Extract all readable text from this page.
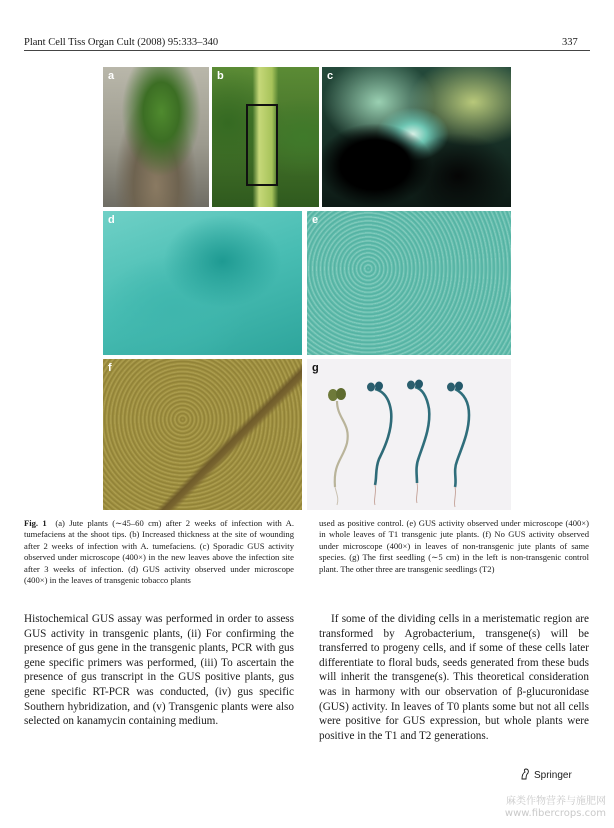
Plant Cell Tiss Organ Cult (2008) 95:333–340	337
a	b	c
d	e
f	g
Fig. 1 (a) Jute plants (∼45–60 cm) after 2 weeks of infection with A. tumefaciens at the shoot tips. (b) Increased thickness at the site of wounding after 2 weeks of infection with A. tumefaciens. (c) Sporadic GUS activity observed under microscope (400×) in the new leaves above the infection site after 3 weeks of infection. (d) GUS activity observed under microscope (400×) in the leaves of transgenic tobacco plants
used as positive control. (e) GUS activity observed under microscope (400×) in whole leaves of T1 transgenic jute plants. (f) No GUS activity observed under microscope (400×) in leaves of non-transgenic jute plants of same species. (g) The first seedling (∼5 cm) in the left is non-transgenic control plant. The other three are transgenic seedlings (T2)
Histochemical GUS assay was performed in order to assess GUS activity in transgenic plants, (ii) For confirming the presence of gus gene in the transgenic plants, PCR with gus gene specific primers was performed, (iii) To ascertain the presence of gus transcript in the GUS positive plants, gus gene specific RT-PCR was conducted, (iv) gus specific Southern hybridization, and (v) Transgenic plants were also selected on kanamycin containing medium.
If some of the dividing cells in a meristematic region are transformed by Agrobacterium, transgene(s) will be transferred to progeny cells, and if some of these cells later differentiate to floral buds, seeds generated from these buds will inherit the transgene(s). This theoretical consideration was in harmony with our observation of β-glucuronidase (GUS) activity. In leaves of T0 plants some but not all cells were positive for GUS expression, but whole plants were positive in the T1 and T2 generations.
Springer
麻类作物营养与施肥网
www.fibercrops.com
